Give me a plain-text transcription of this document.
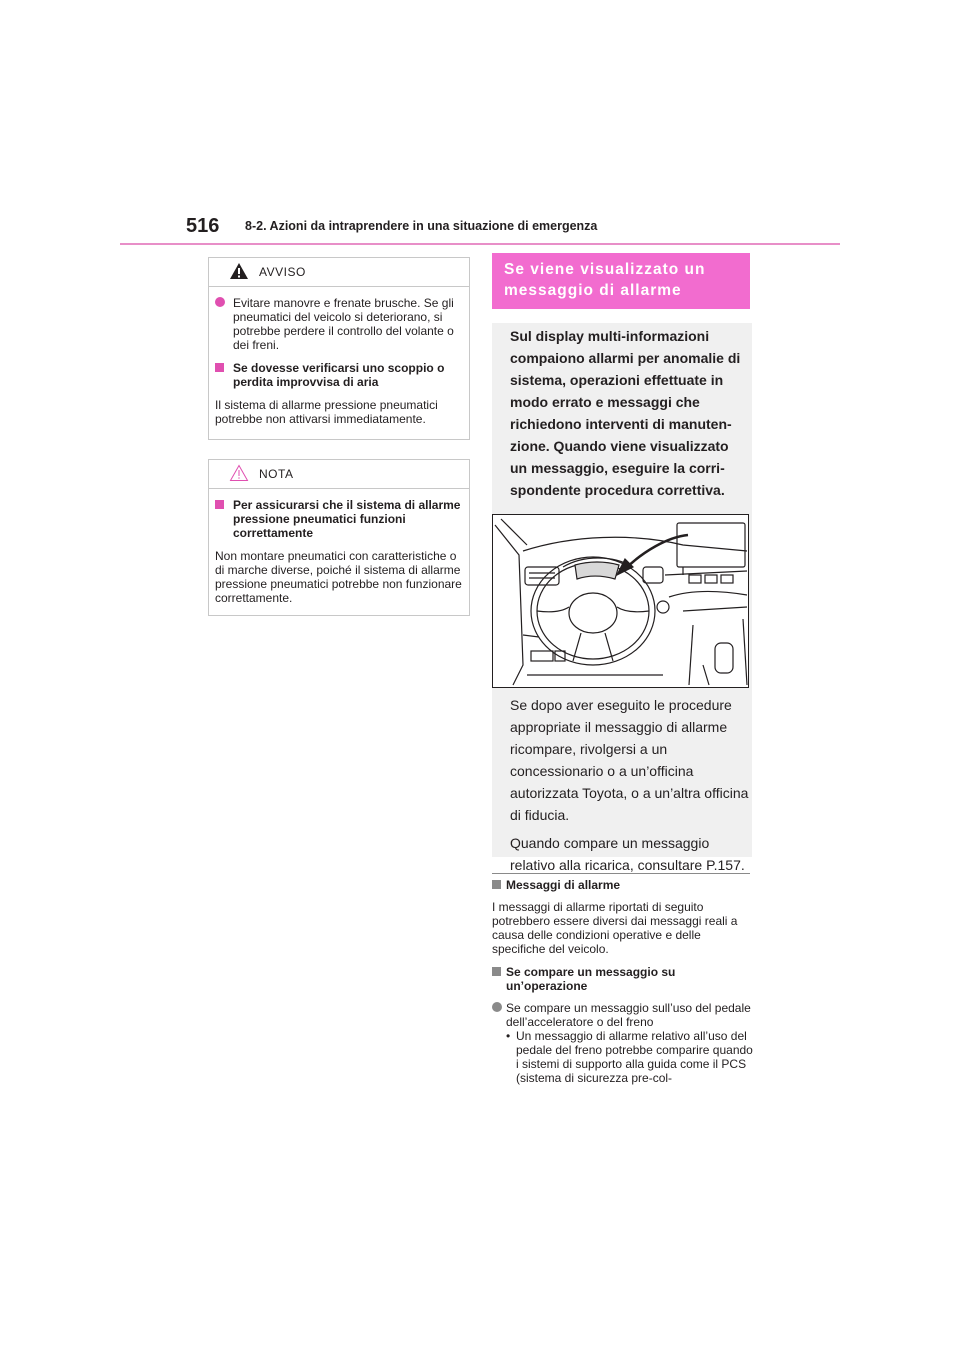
516 8-2. Azioni da intraprendere in una situazione di emergenza
AVVISO
Evitare manovre e frenate brusche. Se gli pneumatici del veicolo si deteriorano, si potrebbe perdere il controllo del volante o dei freni.
Se dovesse verificarsi uno scoppio o perdita improvvisa di aria
Il sistema di allarme pressione pneumatici potrebbe non attivarsi immediatamente.
NOTA
Per assicurarsi che il sistema di allarme pressione pneumatici funzioni correttamente
Non montare pneumatici con caratteristiche o di marche diverse, poiché il sistema di allarme pressione pneumatici potrebbe non funzionare correttamente.
Se viene visualizzato un messaggio di allarme

Sul display multi-informazioni

compaiono allarmi per anomalie di

sistema, operazioni effettuate in

modo errato e messaggi che

richiedono interventi di manuten-

zione. Quando viene visualizzato

un messaggio, eseguire la corri-

spondente procedura correttiva.

Se dopo aver eseguito le procedure appropriate il messaggio di allarme ricompare, rivolgersi a un concessionario o a un’officina autorizzata Toyota, o a un’altra officina di fiducia.

Quando compare un messaggio relativo alla ricarica, consultare P.157.

Messaggi di allarme
I messaggi di allarme riportati di seguito potrebbero essere diversi dai messaggi reali a causa delle condizioni operative e delle specifiche del veicolo.
Se compare un messaggio su un’operazione
Se compare un messaggio sull’uso del pedale dell’acceleratore o del freno
• Un messaggio di allarme relativo all’uso del pedale del freno potrebbe comparire quando i sistemi di supporto alla guida come il PCS (sistema di sicurezza pre-col-
